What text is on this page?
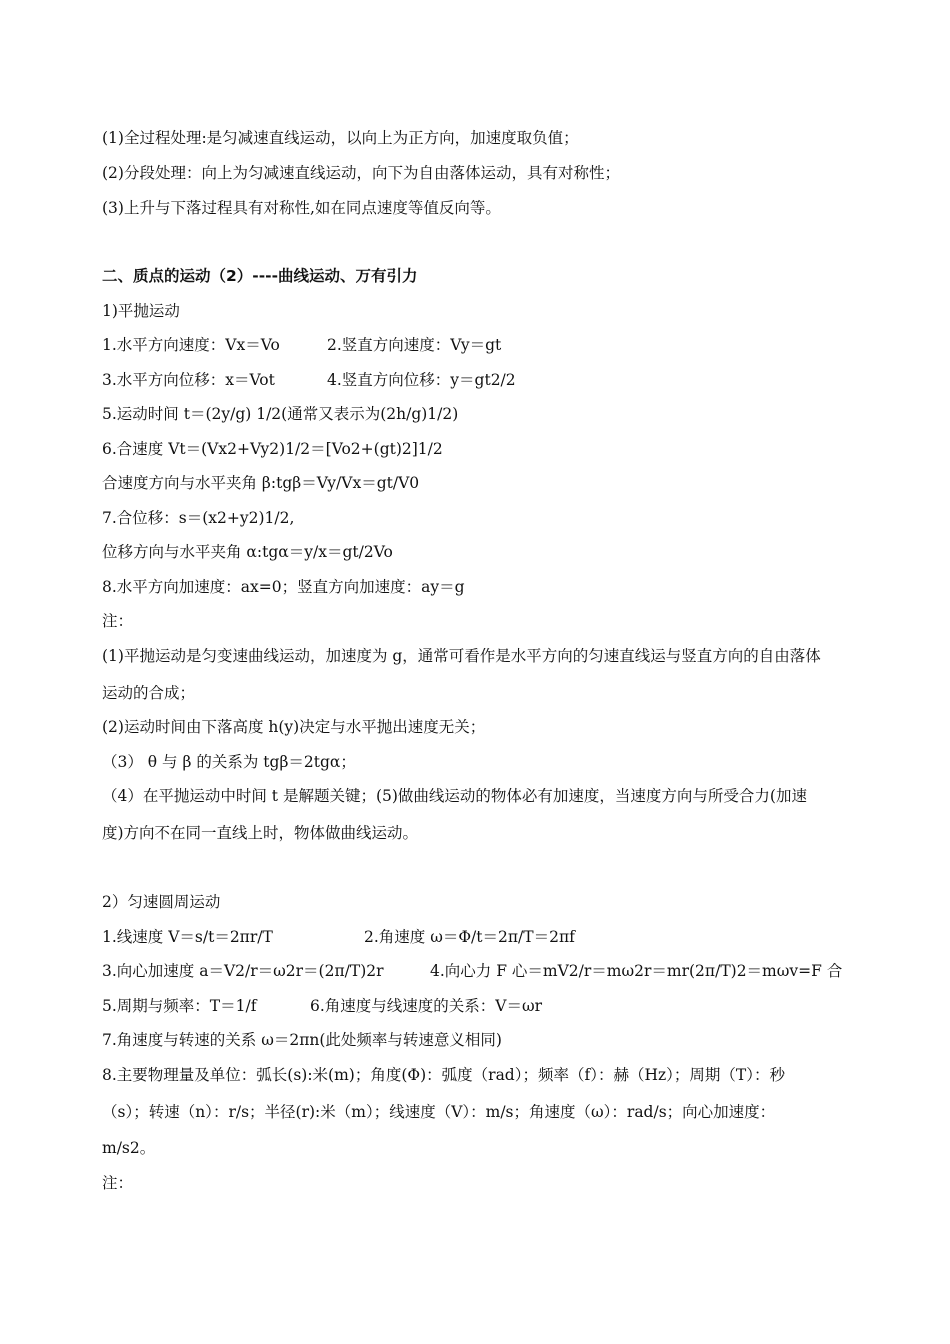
(1)全过程处理:是匀减速直线运动，以向上为正方向，加速度取负值；

(2)分段处理：向上为匀减速直线运动，向下为自由落体运动，具有对称性；

(3)上升与下落过程具有对称性,如在同点速度等值反向等。

二、质点的运动（2）----曲线运动、万有引力

1)平抛运动

1.水平方向速度：Vx＝Vo	2.竖直方向速度：Vy＝gt

3.水平方向位移：x＝Vot	4.竖直方向位移：y＝gt2/2

5.运动时间 t＝(2y/g) 1/2(通常又表示为(2h/g)1/2)

6.合速度 Vt＝(Vx2+Vy2)1/2＝[Vo2+(gt)2]1/2

合速度方向与水平夹角 β:tgβ＝Vy/Vx＝gt/V0

7.合位移：s＝(x2+y2)1/2,

位移方向与水平夹角 α:tgα＝y/x＝gt/2Vo

8.水平方向加速度：ax=0；竖直方向加速度：ay＝g

注：

(1)平抛运动是匀变速曲线运动，加速度为 g，通常可看作是水平方向的匀速直线运与竖直方向的自由落体

运动的合成；

(2)运动时间由下落高度 h(y)决定与水平抛出速度无关；

（3） θ 与 β 的关系为 tgβ＝2tgα；

（4）在平抛运动中时间 t 是解题关键；(5)做曲线运动的物体必有加速度，当速度方向与所受合力(加速

度)方向不在同一直线上时，物体做曲线运动。

2）匀速圆周运动

1.线速度 V＝s/t＝2πr/T	2.角速度 ω＝Φ/t＝2π/T＝2πf

3.向心加速度 a＝V2/r＝ω2r＝(2π/T)2r	4.向心力 F 心＝mV2/r＝mω2r＝mr(2π/T)2＝mωv=F 合

5.周期与频率：T＝1/f	6.角速度与线速度的关系：V＝ωr

7.角速度与转速的关系 ω＝2πn(此处频率与转速意义相同)

8.主要物理量及单位：弧长(s):米(m)；角度(Φ)：弧度（rad）；频率（f）：赫（Hz）；周期（T）：秒

（s）；转速（n）：r/s；半径(r):米（m）；线速度（V）：m/s；角速度（ω）：rad/s；向心加速度：

m/s2。

注：
